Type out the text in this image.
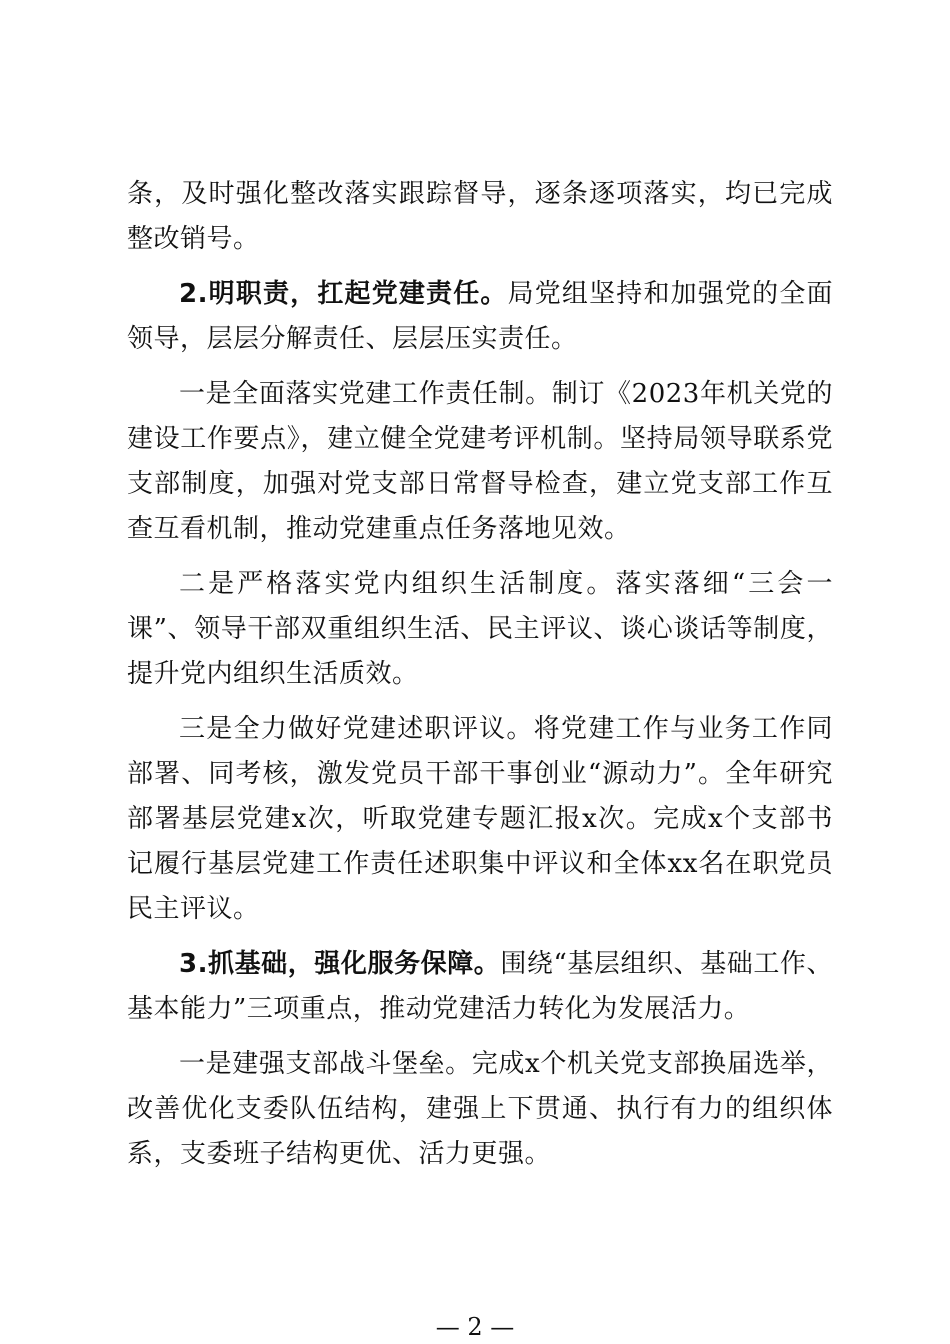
条，及时强化整改落实跟踪督导，逐条逐项落实，均已完成整改销号。

2.明职责，扛起党建责任。局党组坚持和加强党的全面领导，层层分解责任、层层压实责任。

一是全面落实党建工作责任制。制订《2023年机关党的建设工作要点》，建立健全党建考评机制。坚持局领导联系党支部制度，加强对党支部日常督导检查，建立党支部工作互查互看机制，推动党建重点任务落地见效。

二是严格落实党内组织生活制度。落实落细“三会一课”、领导干部双重组织生活、民主评议、谈心谈话等制度，提升党内组织生活质效。

三是全力做好党建述职评议。将党建工作与业务工作同部署、同考核，激发党员干部干事创业“源动力”。全年研究部署基层党建x次，听取党建专题汇报x次。完成x个支部书记履行基层党建工作责任述职集中评议和全体xx名在职党员民主评议。

3.抓基础，强化服务保障。围绕“基层组织、基础工作、基本能力”三项重点，推动党建活力转化为发展活力。

一是建强支部战斗堡垒。完成x个机关党支部换届选举，改善优化支委队伍结构，建强上下贯通、执行有力的组织体系，支委班子结构更优、活力更强。

— 2 —
